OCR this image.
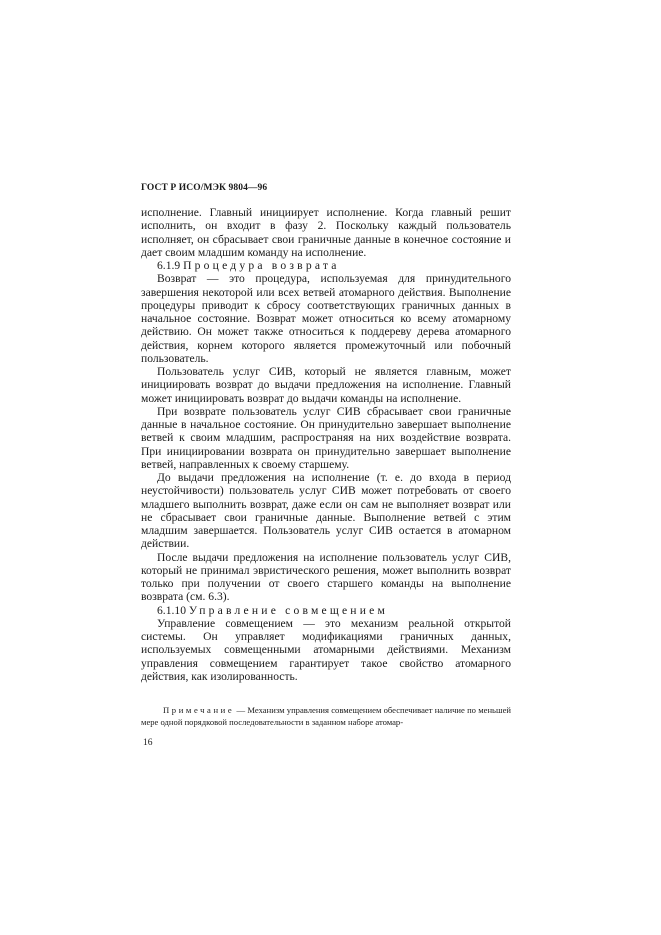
ГОСТ Р ИСО/МЭК 9804—96

исполнение. Главный инициирует исполнение. Когда главный решит исполнить, он входит в фазу 2. Поскольку каждый пользователь исполняет, он сбрасывает свои граничные данные в конечное состояние и дает своим младшим команду на исполнение.

6.1.9 Процедура возврата

Возврат — это процедура, используемая для принудительного завершения некоторой или всех ветвей атомарного действия. Выполнение процедуры приводит к сбросу соответствующих граничных данных в начальное состояние. Возврат может относиться ко всему атомарному действию. Он может также относиться к поддереву дерева атомарного действия, корнем которого является промежуточный или побочный пользователь.

Пользователь услуг СИВ, который не является главным, может инициировать возврат до выдачи предложения на исполнение. Главный может инициировать возврат до выдачи команды на исполнение.

При возврате пользователь услуг СИВ сбрасывает свои граничные данные в начальное состояние. Он принудительно завершает выполнение ветвей к своим младшим, распространяя на них воздействие возврата. При инициировании возврата он принудительно завершает выполнение ветвей, направленных к своему старшему.

До выдачи предложения на исполнение (т. е. до входа в период неустойчивости) пользователь услуг СИВ может потребовать от своего младшего выполнить возврат, даже если он сам не выполняет возврат или не сбрасывает свои граничные данные. Выполнение ветвей с этим младшим завершается. Пользователь услуг СИВ остается в атомарном действии.

После выдачи предложения на исполнение пользователь услуг СИВ, который не принимал эвристического решения, может выполнить возврат только при получении от своего старшего команды на выполнение возврата (см. 6.3).

6.1.10 Управление совмещением

Управление совмещением — это механизм реальной открытой системы. Он управляет модификациями граничных данных, используемых совмещенными атомарными действиями. Механизм управления совмещением гарантирует такое свойство атомарного действия, как изолированность.

Примечание — Механизм управления совмещением обеспечивает наличие по меньшей мере одной порядковой последовательности в заданном наборе атомар-

16
